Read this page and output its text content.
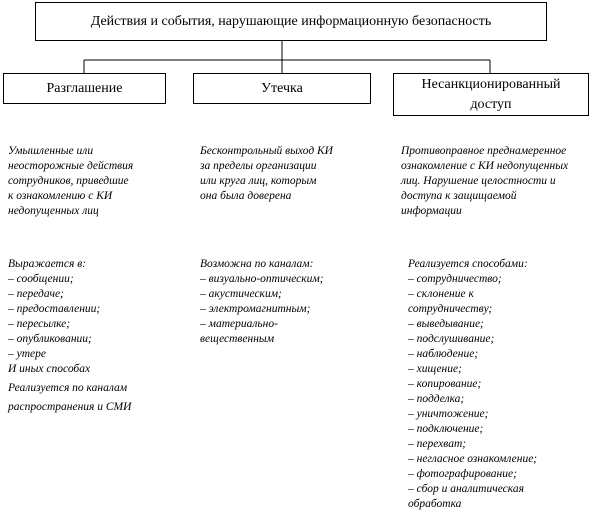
Действия и события, нарушающие информационную безопасность
Разглашение	Утечка	Несанкционированный доступ
Умышленные или
неосторожные действия
сотрудников, приведшие
к ознакомлению с КИ
недопущенных лиц
Выражается в:
– сообщении;
– передаче;
– предоставлении;
– пересылке;
– опубликовании;
– утере
И иных способах
Реализуется по каналам
распространения и СМИ
Бесконтрольный выход КИ
за пределы организации
или круга лиц, которым
она была доверена
Возможна по каналам:
– визуально-оптическим;
– акустическим;
– электромагнитным;
– материально-
вещественным
Противоправное преднамеренное
ознакомление с КИ недопущенных
лиц. Нарушение целостности и
доступа к защищаемой
информации
Реализуется способами:
– сотрудничество;
– склонение к
сотрудничеству;
– выведывание;
– подслушивание;
– наблюдение;
– хищение;
– копирование;
– подделка;
– уничтожение;
– подключение;
– перехват;
– негласное ознакомление;
– фотографирование;
– сбор и аналитическая
обработка
